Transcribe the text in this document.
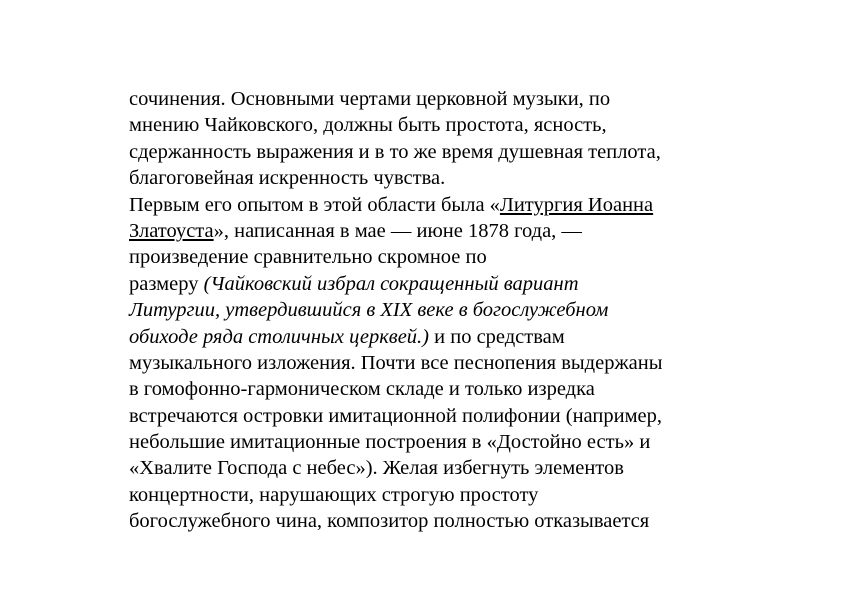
сочинения. Основными чертами церковной музыки, по
мнению Чайковского, должны быть простота, ясность,
сдержанность выражения и в то же время душевная теплота,
благоговейная искренность чувства.
Первым его опытом в этой области была «Литургия Иоанна
Златоуста», написанная в мае — июне 1878 года, —
произведение сравнительно скромное по
размеру (Чайковский избрал сокращенный вариант
Литургии, утвердившийся в XIX веке в богослужебном
обиходе ряда столичных церквей.) и по средствам
музыкального изложения. Почти все песнопения выдержаны
в гомофонно-гармоническом складе и только изредка
встречаются островки имитационной полифонии (например,
небольшие имитационные построения в «Достойно есть» и
«Хвалите Господа с небес»). Желая избегнуть элементов
концертности, нарушающих строгую простоту
богослужебного чина, композитор полностью отказывается
